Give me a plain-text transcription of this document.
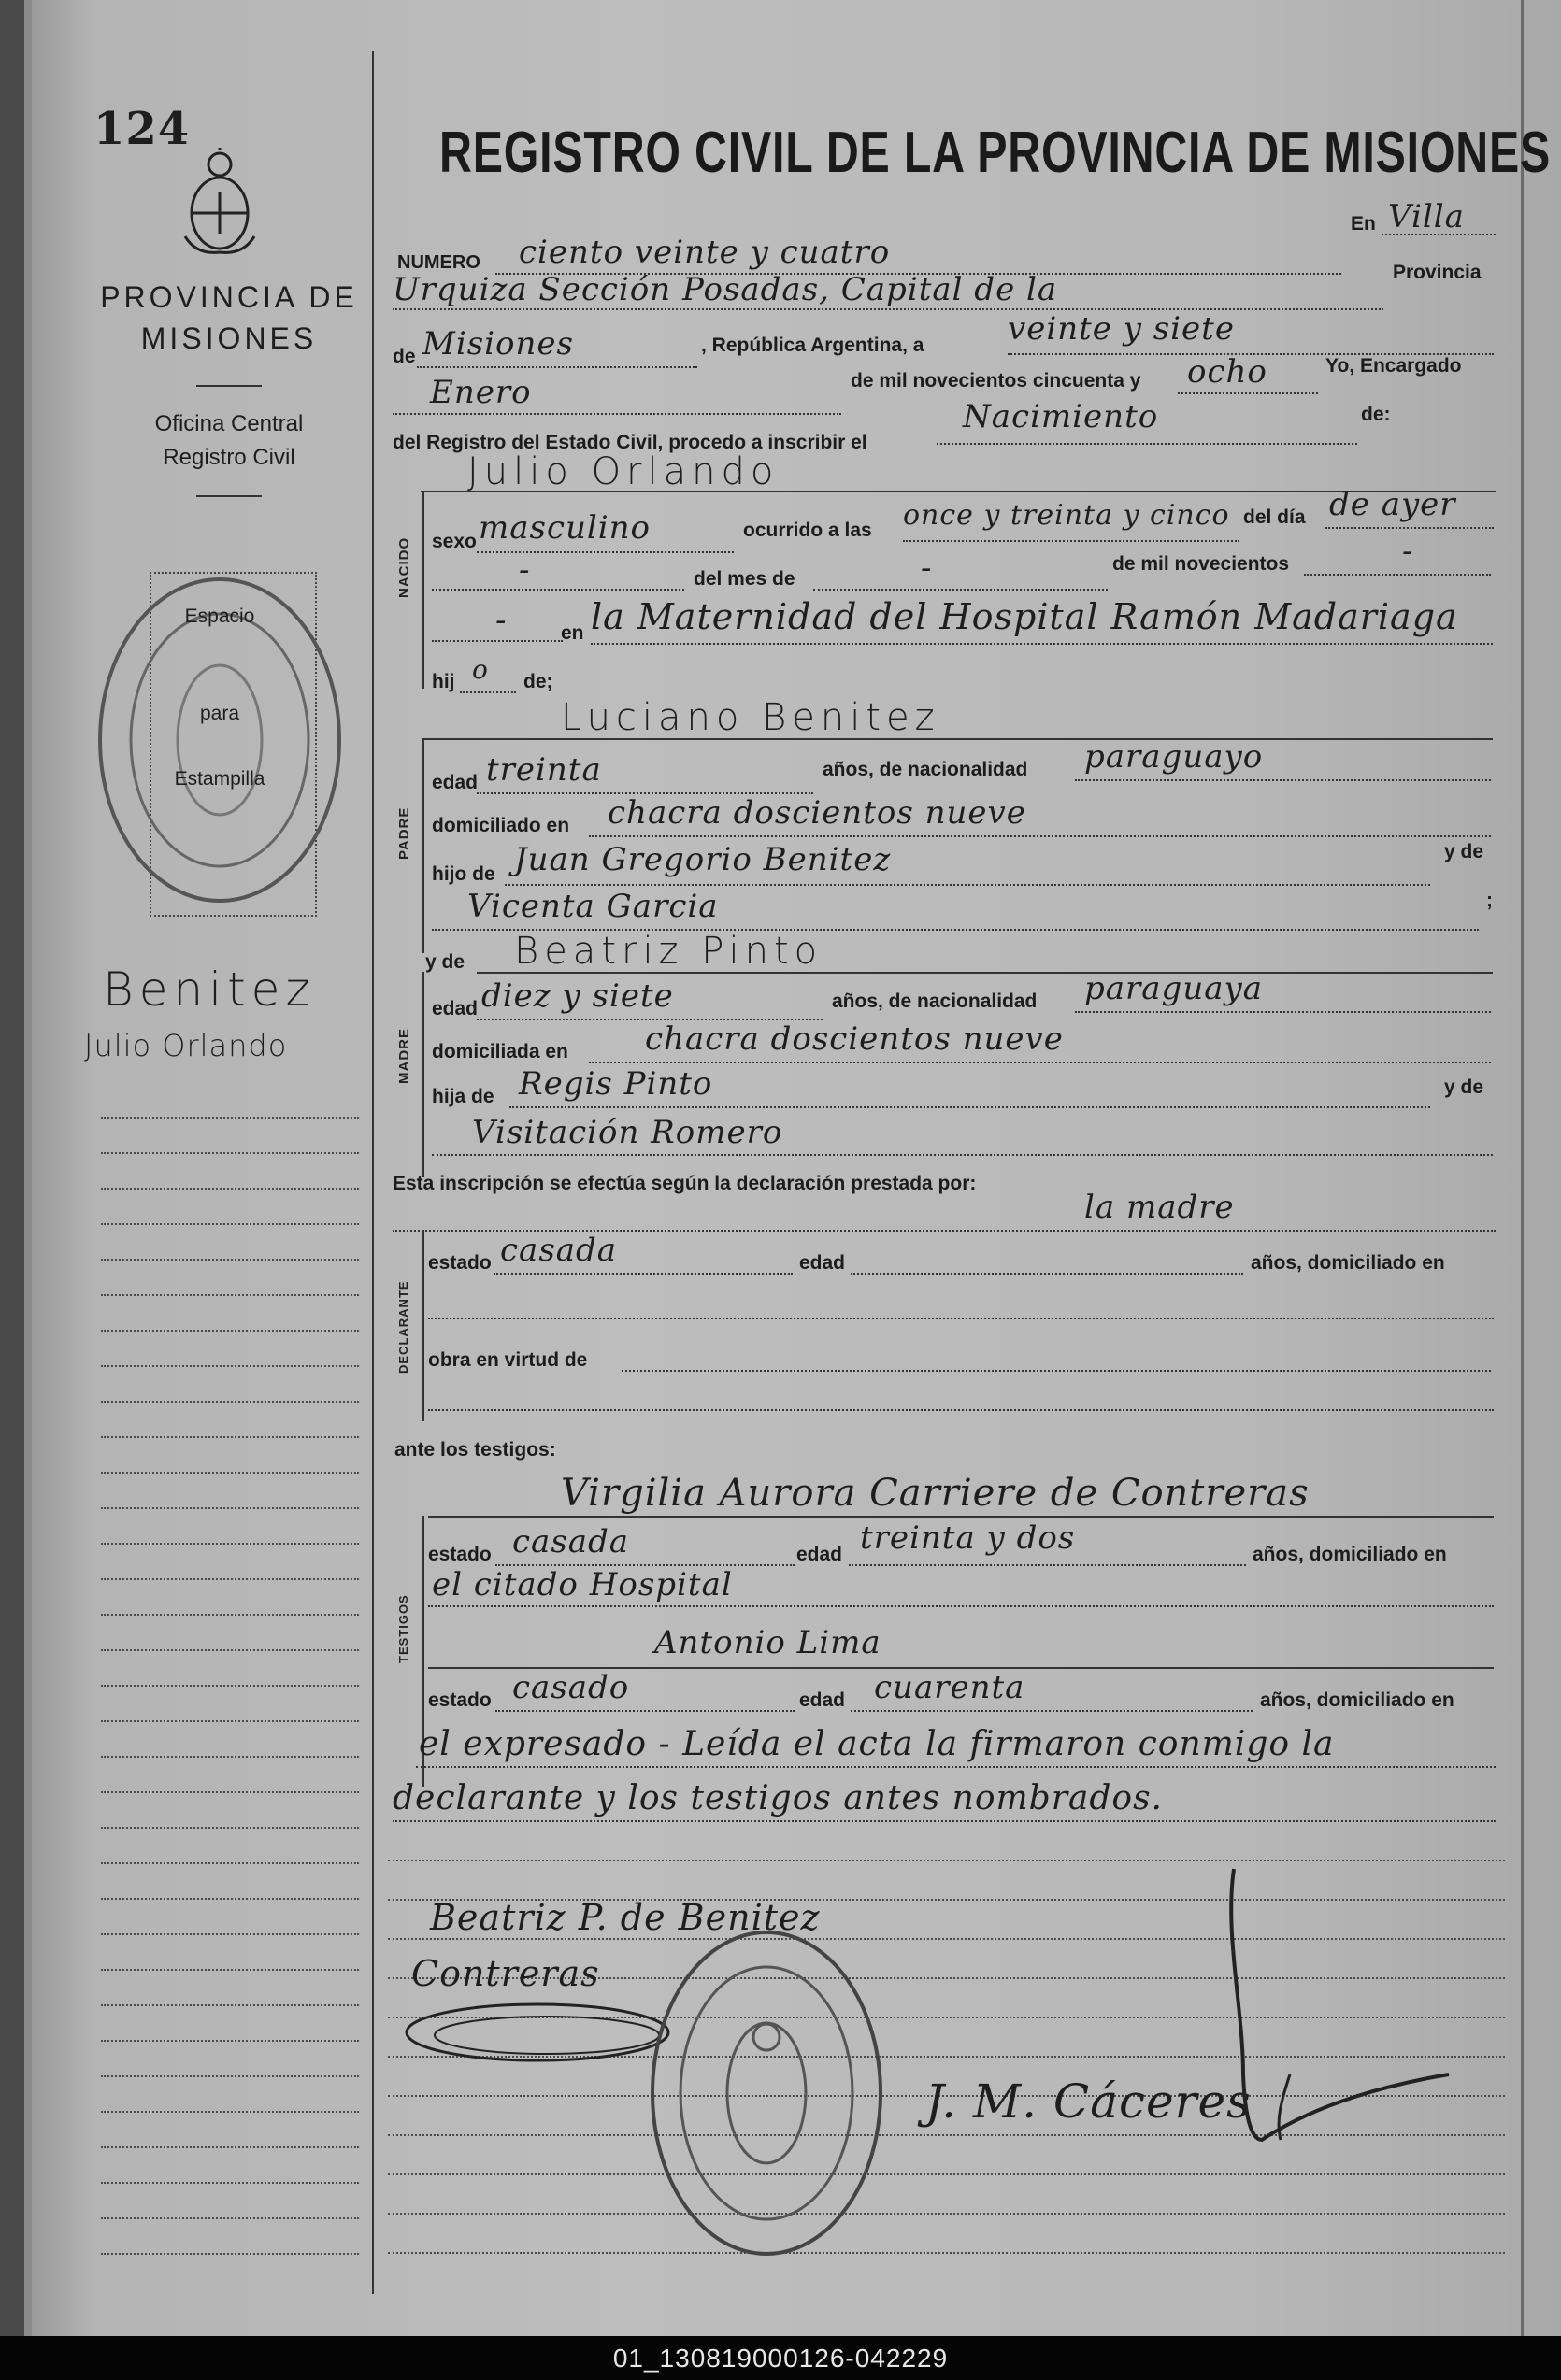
124
PROVINCIA DE
MISIONES
Oficina Central
Registro Civil
Espacio
para
Estampilla
Benitez
Julio Orlando
REGISTRO CIVIL DE LA PROVINCIA DE MISIONES
NUMERO ciento veinte y cuatro
En Villa
Urquiza Sección Posadas, Capital de la	Provincia
de Misiones	, República Argentina, a	veinte y siete
Enero	de mil novecientos cincuenta y ocho	Yo, Encargado
del Registro del Estado Civil, procedo a inscribir el
Nacimiento	de:
Julio Orlando
NACIDO sexo masculino	ocurrido a las once y treinta y cinco del día de ayer
-	del mes de	-	de mil novecientos	-
-	en la Maternidad del Hospital Ramón Madariaga
hij o de;
Luciano Benitez
PADRE
edad treinta	años, de nacionalidad paraguayo
domiciliado en chacra doscientos nueve
hijo de Juan Gregorio Benitez	y de
Vicenta Garcia	;
y de Beatriz Pinto
MADRE
edad diez y siete	años, de nacionalidad paraguaya
domiciliada en chacra doscientos nueve
hija de Regis Pinto	y de
Visitación Romero
Esta inscripción se efectúa según la declaración prestada por:
la madre
DECLARANTE
estado casada	edad	años, domiciliado en
obra en virtud de
ante los testigos:
Virgilia Aurora Carriere de Contreras
TESTIGOS
estado casada	edad treinta y dos	años, domiciliado en
el citado Hospital
Antonio Lima
estado casado	edad cuarenta	años, domiciliado en
el expresado - Leída el acta la firmaron conmigo la
declarante y los testigos antes nombrados.
Beatriz P. de Benitez
Contreras
J. M. Cáceres
01_130819000126-042229
